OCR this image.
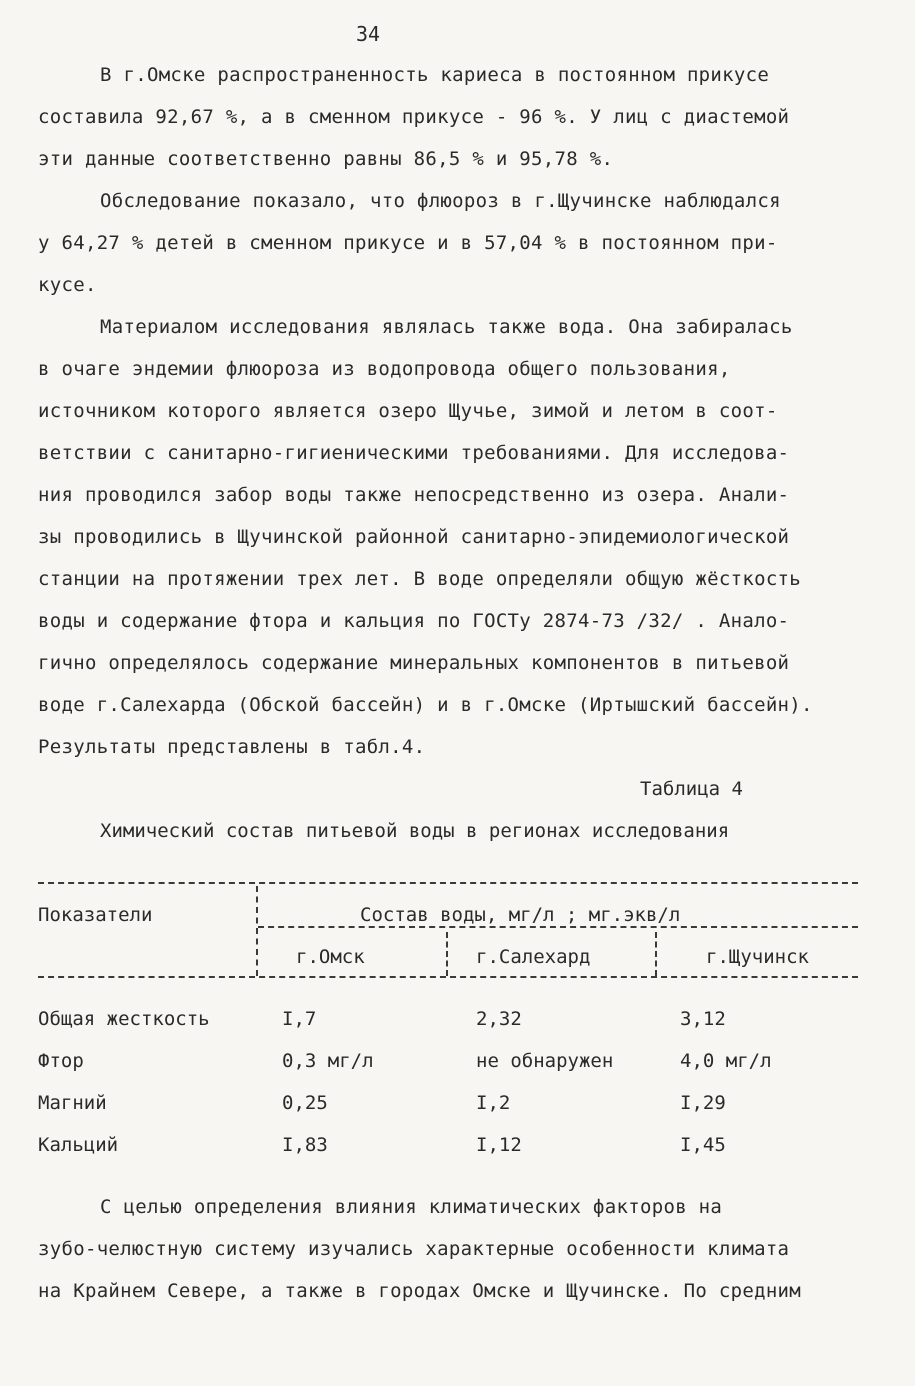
34
В г.Омске распространенность кариеса в постоянном прикусе
составила 92,67 %, а в сменном прикусе - 96 %. У лиц с диастемой
эти данные соответственно равны 86,5 % и 95,78 %.
Обследование показало, что флюороз в г.Щучинске наблюдался
у 64,27 % детей в сменном прикусе и в 57,04 % в постоянном при-
кусе.
Материалом исследования являлась также вода. Она забиралась
в очаге эндемии флюороза из водопровода общего пользования,
источником которого является озеро Щучье, зимой и летом в соот-
ветствии с санитарно-гигиеническими требованиями. Для исследова-
ния проводился забор воды также непосредственно из озера. Анали-
зы проводились в Щучинской районной санитарно-эпидемиологической
станции на протяжении трех лет. В воде определяли общую жёсткость
воды и содержание фтора и кальция по ГОСТу 2874-73 /32/ . Анало-
гично определялось содержание минеральных компонентов в питьевой
воде г.Салехарда (Обской бассейн) и в г.Омске (Иртышский бассейн).
Результаты представлены в табл.4.
Таблица 4
Химический состав питьевой воды в регионах исследования
Показатели	Состав воды, мг/л ; мг.экв/л
г.Омск	г.Салехард	г.Щучинск
Общая жесткость	I,7	2,32	3,12
Фтор	0,3 мг/л	не обнаружен	4,0 мг/л
Магний	0,25	I,2	I,29
Кальций	I,83	I,12	I,45
С целью определения влияния климатических факторов на
зубо-челюстную систему изучались характерные особенности климата
на Крайнем Севере, а также в городах Омске и Щучинске. По средним
